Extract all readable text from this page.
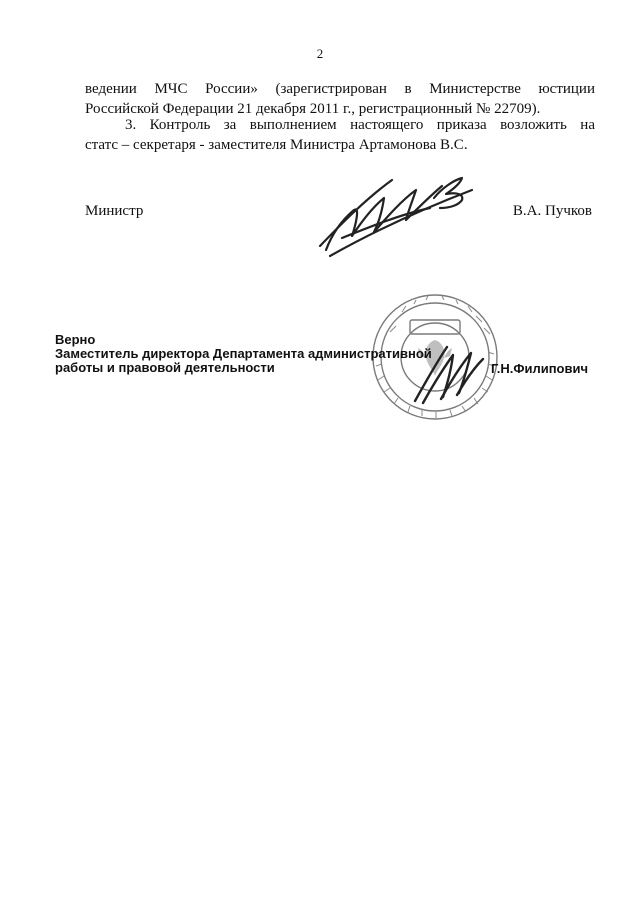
2
ведении МЧС России» (зарегистрирован в Министерстве юстиции
Российской Федерации 21 декабря 2011 г., регистрационный № 22709).
3. Контроль за выполнением настоящего приказа возложить на
статс – секретаря - заместителя Министра Артамонова В.С.
Министр	В.А. Пучков
Верно
Заместитель директора Департамента административной
работы и правовой деятельности	Г.Н.Филипович
